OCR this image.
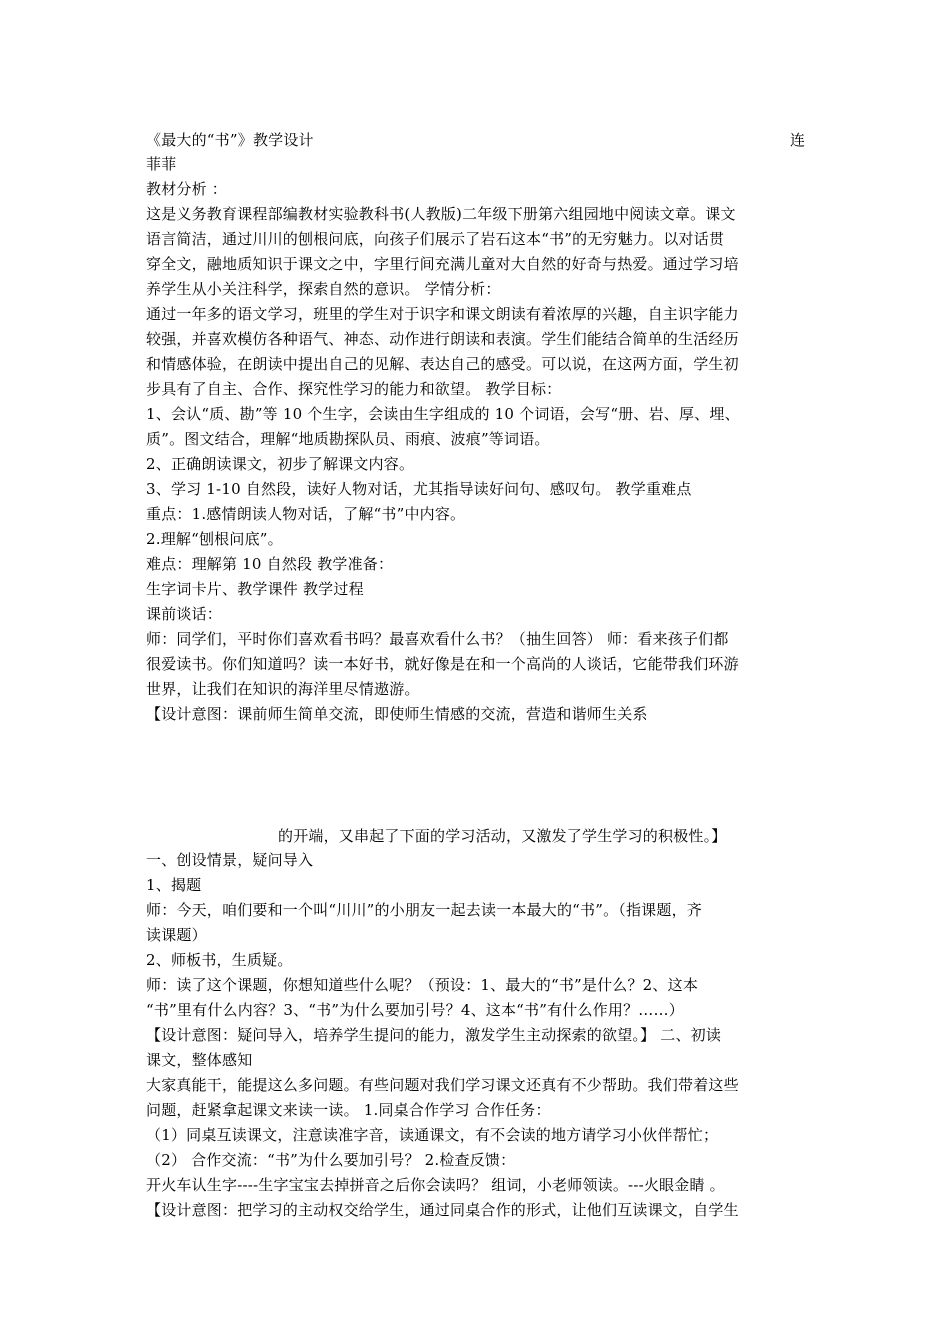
《最大的“书”》教学设计	连
菲菲
教材分析 ：
这是义务教育课程部编教材实验教科书(人教版)二年级下册第六组园地中阅读文章。课文
语言简洁，通过川川的刨根问底，向孩子们展示了岩石这本“书”的无穷魅力。以对话贯
穿全文，融地质知识于课文之中，字里行间充满儿童对大自然的好奇与热爱。通过学习培
养学生从小关注科学，探索自然的意识。 学情分析：
通过一年多的语文学习，班里的学生对于识字和课文朗读有着浓厚的兴趣，自主识字能力
较强，并喜欢模仿各种语气、神态、动作进行朗读和表演。学生们能结合简单的生活经历
和情感体验，在朗读中提出自己的见解、表达自己的感受。可以说，在这两方面，学生初
步具有了自主、合作、探究性学习的能力和欲望。 教学目标：
1、会认“质、勘”等 10 个生字，会读由生字组成的 10 个词语，会写“册、岩、厚、埋、
质”。图文结合，理解“地质勘探队员、雨痕、波痕”等词语。
2、正确朗读课文，初步了解课文内容。
3、学习 1-10 自然段，读好人物对话，尤其指导读好问句、感叹句。 教学重难点
重点：1.感情朗读人物对话，了解“书”中内容。
2.理解“刨根问底”。
难点：理解第 10 自然段 教学准备：
生字词卡片、教学课件 教学过程
课前谈话：
师：同学们，平时你们喜欢看书吗？最喜欢看什么书？（抽生回答） 师：看来孩子们都
很爱读书。你们知道吗？读一本好书，就好像是在和一个高尚的人谈话，它能带我们环游
世界，让我们在知识的海洋里尽情遨游。
【设计意图：课前师生简单交流，即使师生情感的交流，营造和谐师生关系
的开端，又串起了下面的学习活动，又激发了学生学习的积极性。】
一、创设情景，疑问导入
1、揭题
师：今天，咱们要和一个叫“川川”的小朋友一起去读一本最大的“书”。（指课题，齐
读课题）
2、师板书，生质疑。
师：读了这个课题，你想知道些什么呢？（预设：1、最大的“书”是什么？2、这本
“书”里有什么内容？3、“书”为什么要加引号？4、这本“书”有什么作用？……）
【设计意图：疑问导入，培养学生提问的能力，激发学生主动探索的欲望。】 二、初读
课文，整体感知
大家真能干，能提这么多问题。有些问题对我们学习课文还真有不少帮助。我们带着这些
问题，赶紧拿起课文来读一读。 1.同桌合作学习 合作任务：
（1）同桌互读课文，注意读准字音，读通课文，有不会读的地方请学习小伙伴帮忙；
（2） 合作交流：“书”为什么要加引号？ 2.检查反馈：
开火车认生字----生字宝宝去掉拼音之后你会读吗？ 组词，小老师领读。---火眼金睛 。
【设计意图：把学习的主动权交给学生，通过同桌合作的形式，让他们互读课文，自学生
